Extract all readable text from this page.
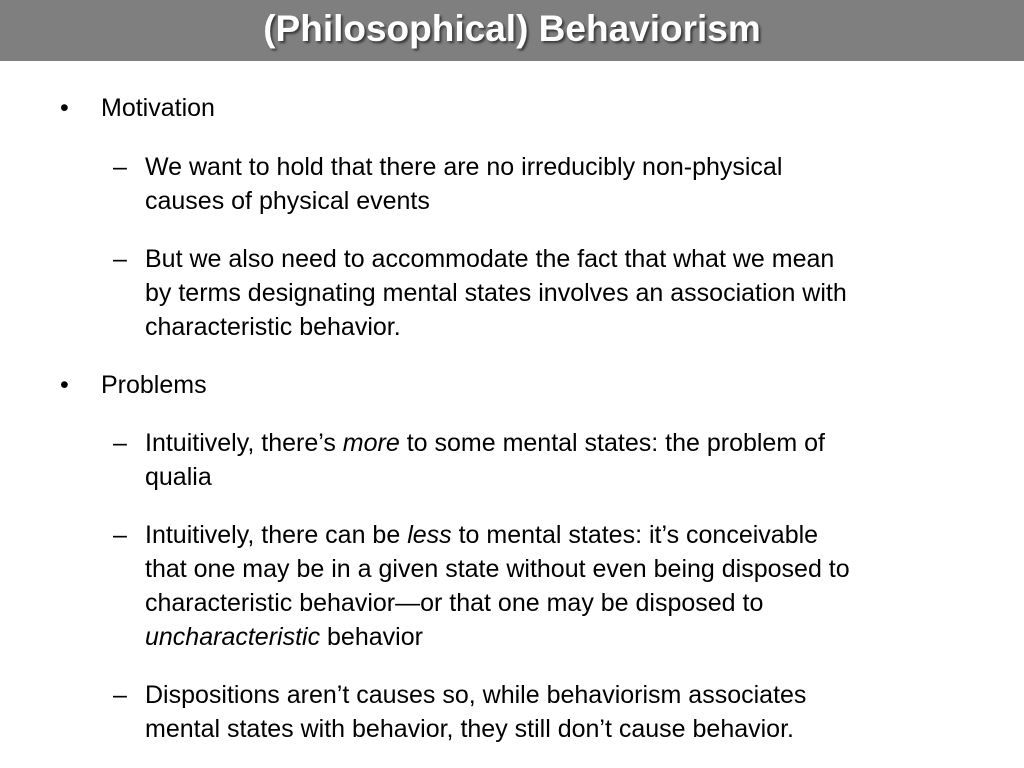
(Philosophical) Behaviorism
• Motivation
– We want to hold that there are no irreducibly non-physical
causes of physical events
– But we also need to accommodate the fact that what we mean
by terms designating mental states involves an association with
characteristic behavior.
• Problems
– Intuitively, there’s more to some mental states: the problem of
qualia
– Intuitively, there can be less to mental states: it’s conceivable
that one may be in a given state without even being disposed to
characteristic behavior—or that one may be disposed to
uncharacteristic behavior
– Dispositions aren’t causes so, while behaviorism associates
mental states with behavior, they still don’t cause behavior.
